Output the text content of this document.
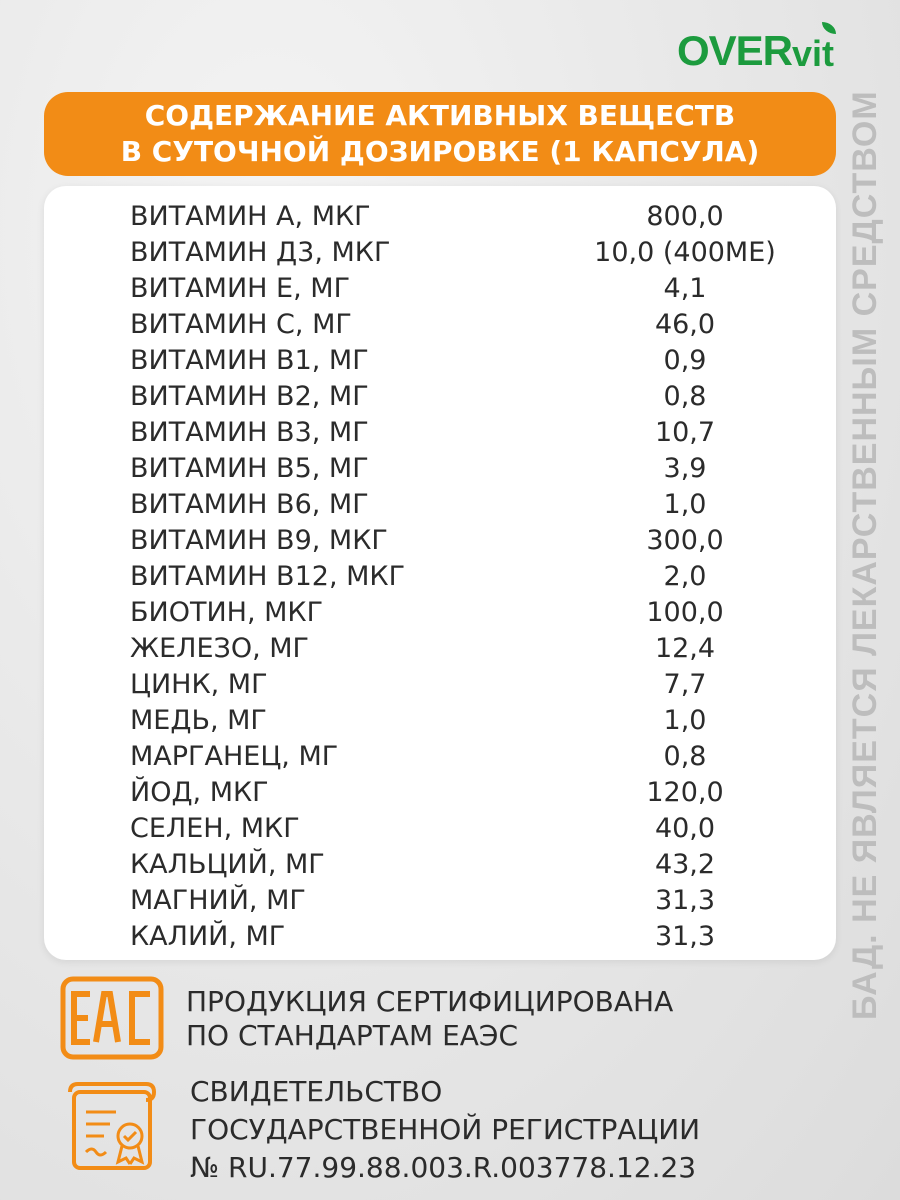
OVER vit
СОДЕРЖАНИЕ АКТИВНЫХ ВЕЩЕСТВ
В СУТОЧНОЙ ДОЗИРОВКЕ (1 КАПСУЛА)
ВИТАМИН А, МКГ	800,0
ВИТАМИН Д3, МКГ	10,0 (400МЕ)
ВИТАМИН Е, МГ	4,1
ВИТАМИН С, МГ	46,0
ВИТАМИН В1, МГ	0,9
ВИТАМИН В2, МГ	0,8
ВИТАМИН В3, МГ	10,7
ВИТАМИН В5, МГ	3,9
ВИТАМИН В6, МГ	1,0
ВИТАМИН В9, МКГ	300,0
ВИТАМИН В12, МКГ	2,0
БИОТИН, МКГ	100,0
ЖЕЛЕЗО, МГ	12,4
ЦИНК, МГ	7,7
МЕДЬ, МГ	1,0
МАРГАНЕЦ, МГ	0,8
ЙОД, МКГ	120,0
СЕЛЕН, МКГ	40,0
КАЛЬЦИЙ, МГ	43,2
МАГНИЙ, МГ	31,3
КАЛИЙ, МГ	31,3	БАД. НЕ ЯВЛЯЕТСЯ ЛЕКАРСТВЕННЫМ СРЕДСТВОМ
ПРОДУКЦИЯ СЕРТИФИЦИРОВАНА
ПО СТАНДАРТАМ ЕАЭС
СВИДЕТЕЛЬСТВО
ГОСУДАРСТВЕННОЙ РЕГИСТРАЦИИ
№ RU.77.99.88.003.R.003778.12.23
